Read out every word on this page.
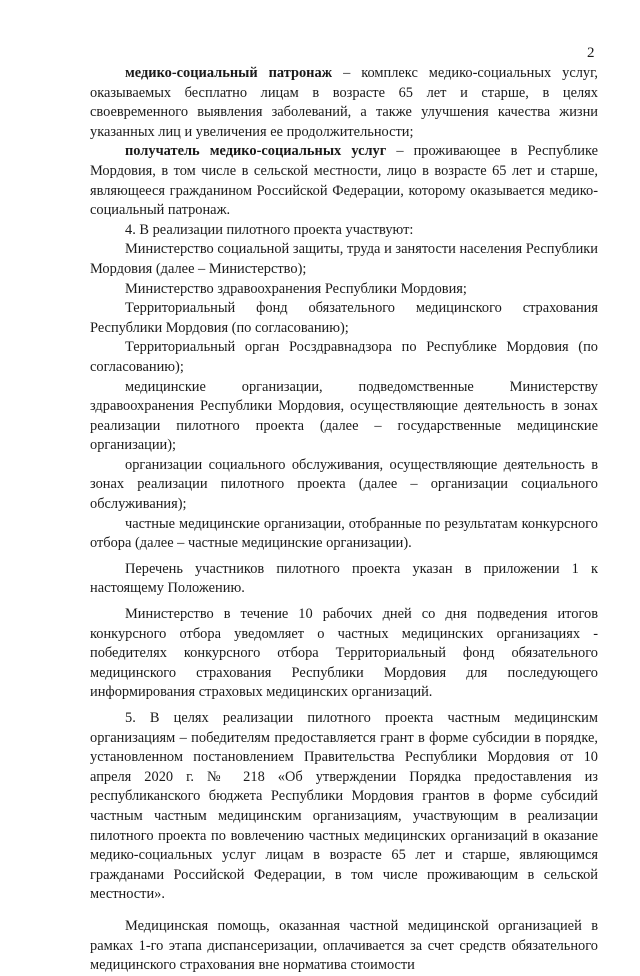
2

медико-социальный патронаж – комплекс медико-социальных услуг, оказываемых бесплатно лицам в возрасте 65 лет и старше, в целях своевременного выявления заболеваний, а также улучшения качества жизни указанных лиц и увеличения ее продолжительности;

получатель медико-социальных услуг – проживающее в Республике Мордовия, в том числе в сельской местности, лицо в возрасте 65 лет и старше, являющееся гражданином Российской Федерации, которому оказывается медико-социальный патронаж.

4. В реализации пилотного проекта участвуют:

Министерство социальной защиты, труда и занятости населения Республики Мордовия (далее – Министерство);

Министерство здравоохранения Республики Мордовия;

Территориальный фонд обязательного медицинского страхования Республики Мордовия (по согласованию);

Территориальный орган Росздравнадзора по Республике Мордовия (по согласованию);

медицинские организации, подведомственные Министерству здравоохранения Республики Мордовия, осуществляющие деятельность в зонах реализации пилотного проекта (далее – государственные медицинские организации);

организации социального обслуживания, осуществляющие деятельность в зонах реализации пилотного проекта (далее – организации социального обслуживания);

частные медицинские организации, отобранные по результатам конкурсного отбора (далее – частные медицинские организации).

Перечень участников пилотного проекта указан в приложении 1 к настоящему Положению.

Министерство в течение 10 рабочих дней со дня подведения итогов конкурсного отбора уведомляет о частных медицинских организациях - победителях конкурсного отбора Территориальный фонд обязательного медицинского страхования Республики Мордовия для последующего информирования страховых медицинских организаций.

5. В целях реализации пилотного проекта частным медицинским организациям – победителям предоставляется грант в форме субсидии в порядке, установленном постановлением Правительства Республики Мордовия от 10 апреля 2020 г. № 218 «Об утверждении Порядка предоставления из республиканского бюджета Республики Мордовия грантов в форме субсидий частным частным медицинским организациям, участвующим в реализации пилотного проекта по вовлечению частных медицинских организаций в оказание медико-социальных услуг лицам в возрасте 65 лет и старше, являющимся гражданами Российской Федерации, в том числе проживающим в сельской местности».

Медицинская помощь, оказанная частной медицинской организацией в рамках 1-го этапа диспансеризации, оплачивается за счет средств обязательного медицинского страхования вне норматива стоимости
